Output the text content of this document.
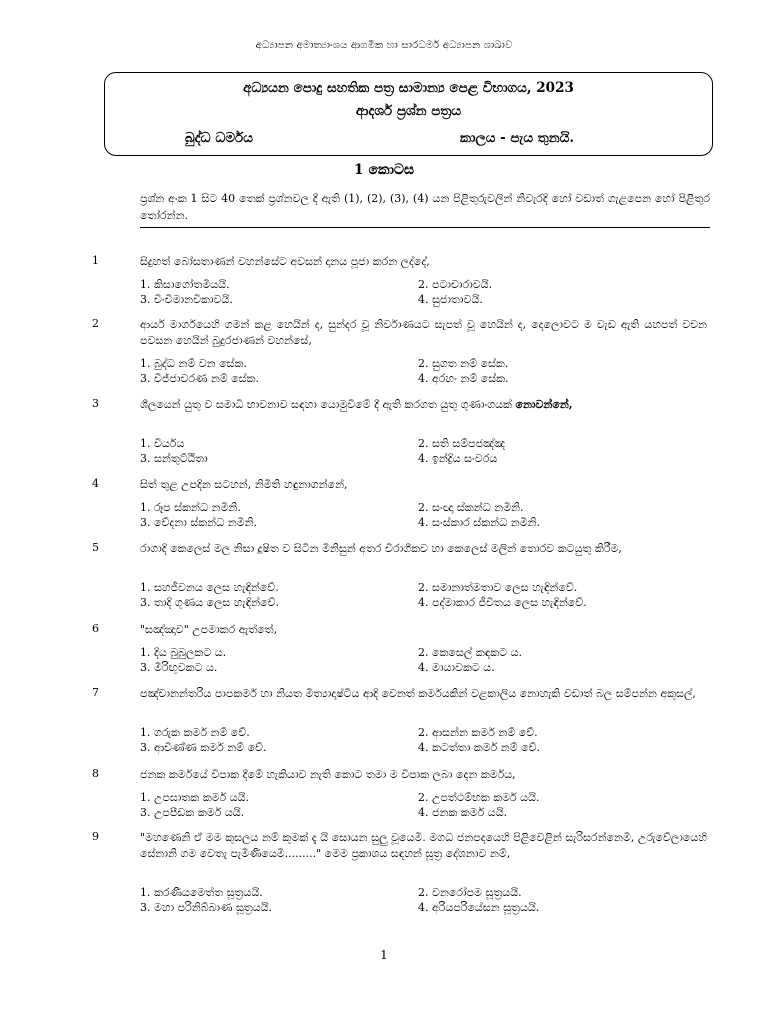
අධ්‍යාපන අමාත්‍යාංශය ආගමික හා සාරධර්ම අධ්‍යාපන ශාඛාව
අධ්‍යයන පොදු සහතික පත්‍ර සාමාන්‍ය පෙළ විභාගය, 2023
ආදර්ශ ප්‍රශ්න පත්‍රය
බුද්ධ ධර්මය	කාලය - පැය තුනයි.
1 කොටස
ප්‍රශ්න අංක 1 සිට 40 තෙක් ප්‍රශ්නවල දී ඇති (1), (2), (3), (4) යන පිළිතුරුවලින් නිවැරදි හෝ වඩාත් ගැළපෙන හෝ පිළිතුර තෝරන්න.
1	සිදුහත් බෝසතාණන් වහන්සේට අවසන් දානය පූජා කරන ලද්දේ,
1. කිසාගෝතමියයි.	2. පටාචාරාවයි.
3. චිංචිමානවිකාවයි.	4. සුජාතාවයි.
2	ආර්ය මාර්ගයෙහි ගමන් කළ හෙයින් ද, සුන්දර වූ නිර්වාණයට සැපත් වූ හෙයින් ද, දෙලොවට ම වැඩ ඇති යහපත් වචන පවසන හෙයින් බුදුරජාණන් වහන්සේ,
1. බුද්ධ නම් වන සේක.	2. සුගත නම් සේක.
3. විජ්ජාචරණ නම් සේක.	4. අරහං නම් සේක.
3	ශීලයෙන් යුතු ව සමාධි භාවනාව සඳහා යොමුවීමේ දී ඇති කරගත යුතු ගුණාංගයක් නොවන්නේ,
1. වීර්යය	2. සති සම්පජඤ්ඤ
3. සන්තුට්ඨිතා	4. ඉන්ද්‍රිය සංවරය
4	සිත් තුළ උපදින සටහන්, නිමිති හඳුනාගන්නේ,
1. රූප ස්කන්ධ නමිනි.	2. සංඥා ස්කන්ධ නමිනි.
3. වේදනා ස්කන්ධ නමිනි.	4. සංස්කාර ස්කන්ධ නමිනි.
5	රාගාදි කෙලෙස් මල නිසා දූෂිත ව සිටින මිනිසුන් අතර විරාගීකව හා කෙලෙස් මලින් තොරව කටයුතු කිරීම,
1. සහජීවනය ලෙස හැඳින්වේ.	2. සමානාත්මතාව ලෙස හැඳින්වේ.
3. තාදි ගුණය ලෙස හැඳින්වේ.	4. පද්මාකාර ජීවිතය ලෙස හැඳින්වේ.
6	"සඤ්ඤාව" උපමාකර ඇත්තේ,
1. දිය බුබුලකට ය.	2. කෙසෙල් කඳකට ය.
3. මිරිඟුවකට ය.	4. මායාවකට ය.
7	පඤ්චානන්තරිය පාපකර්ම හා නියත මිත්‍යාදෘෂ්ටිය ආදි වෙනත් කර්මයකින් වළකාලිය නොහැකි වඩාත් බල සම්පන්න අකුසල්,
1. ගරුක කර්ම නම් වේ.	2. ආසන්න කර්ම නම් වේ.
3. ආචිණ්ණ කර්ම නම් වේ.	4. කටත්තා කර්ම නම් වේ.
8	ජනක කර්මයේ විපාක දීමේ හැකියාව නැති කොට තමා ම විපාක ලබා දෙන කර්මය,
1. උපඝාතක කර්ම යයි.	2. උපත්ථම්භක කර්ම යයි.
3. උපපීඩක කර්ම යයි.	4. ජනක කර්ම යයි.
9	"මහණෙනි ඒ මම කුසලය නම් කුමක් දැ යි සොයන සුලු වූයෙමි. මගධ ජනපදයෙහි පිළිවෙළින් සැරිසරන්නෙමි, උරුවේලායෙහි සේනානි ගම වෙතැ පැමිණියෙමි........." මෙම ප්‍රකාශය සඳහන් සූත්‍ර දේශනාව නම්,
1. කරණීයමෙත්ත සූත්‍රයයි.	2. වනරෝපම සූත්‍රයයි.
3. මහා පරිනිබ්බාණ සූත්‍රයයි.	4. අරියපරියේසන සූත්‍රයයි.
1
